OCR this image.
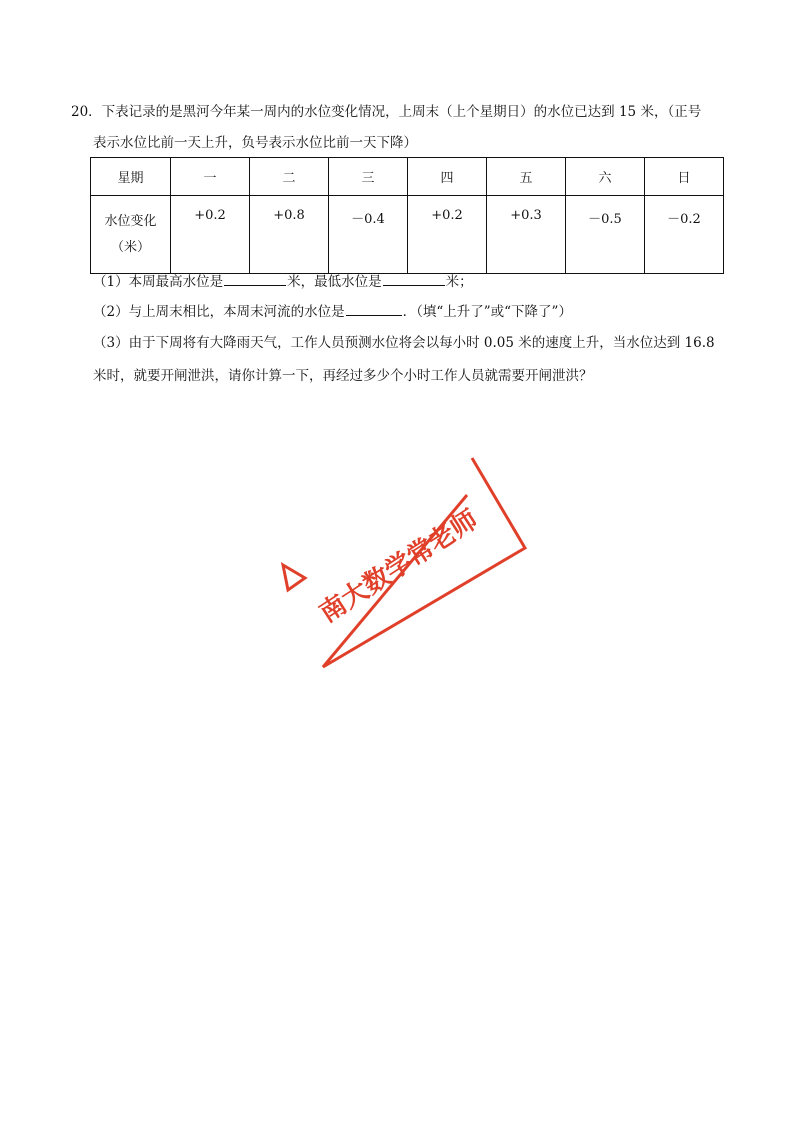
20．下表记录的是黑河今年某一周内的水位变化情况，上周末（上个星期日）的水位已达到 15 米，（正号
表示水位比前一天上升，负号表示水位比前一天下降）
星期	一	二	三	四	五	六	日

水位变化
（米）	+0.2	+0.8	－0.4	+0.2	+0.3	－0.5	－0.2
（1）本周最高水位是	米，最低水位是	米；
（2）与上周末相比，本周末河流的水位是	．（填“上升了”或“下降了”）
（3）由于下周将有大降雨天气，工作人员预测水位将会以每小时 0.05 米的速度上升，当水位达到 16.8
米时，就要开闸泄洪，请你计算一下，再经过多少个小时工作人员就需要开闸泄洪？
南大数学常老师
